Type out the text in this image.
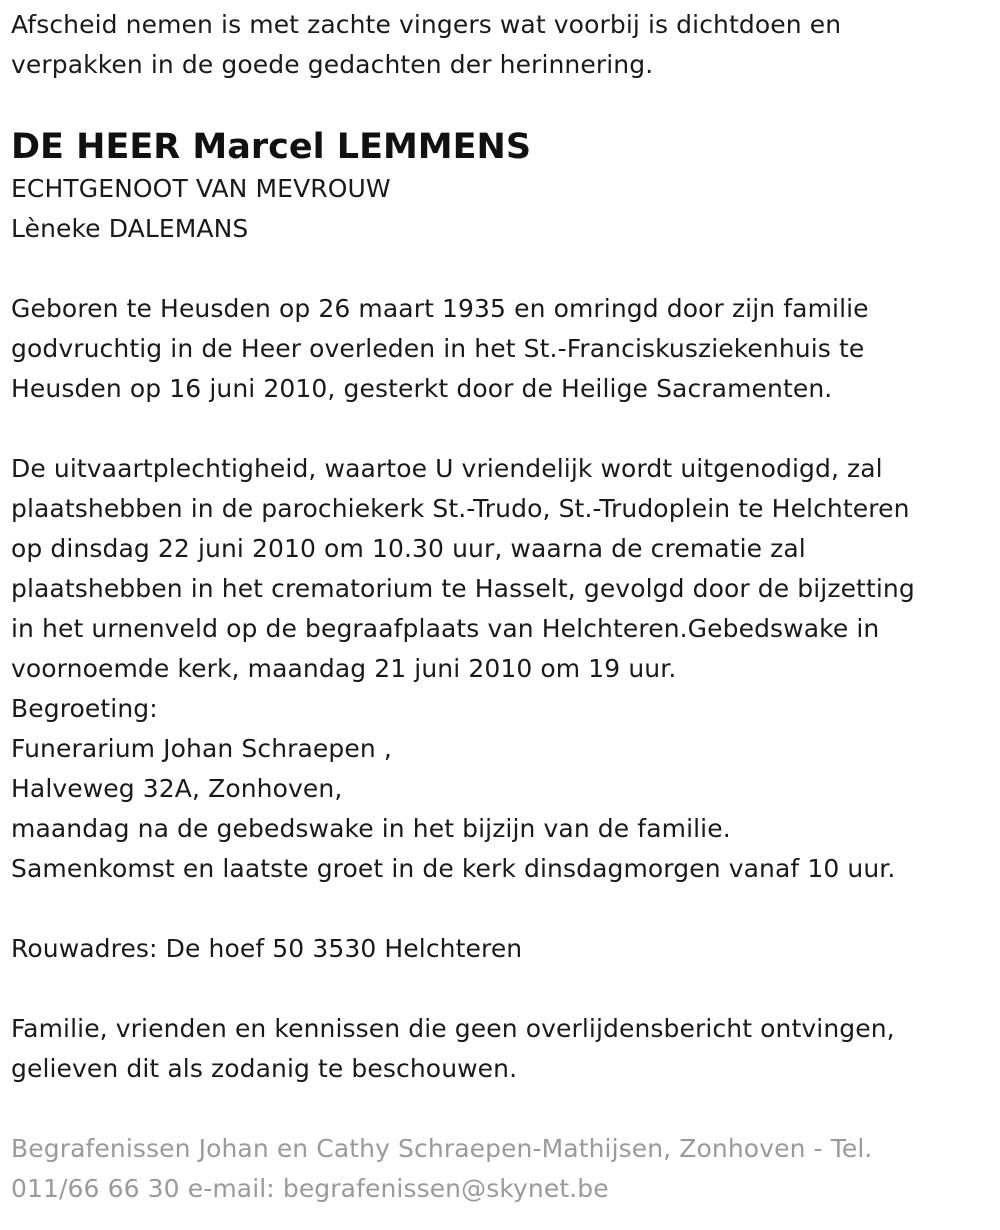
Afscheid nemen is met zachte vingers wat voorbij is dichtdoen en
verpakken in de goede gedachten der herinnering.
DE HEER Marcel LEMMENS
ECHTGENOOT VAN MEVROUW
Lèneke DALEMANS
Geboren te Heusden op 26 maart 1935 en omringd door zijn familie
godvruchtig in de Heer overleden in het St.-Franciskusziekenhuis te
Heusden op 16 juni 2010, gesterkt door de Heilige Sacramenten.
De uitvaartplechtigheid, waartoe U vriendelijk wordt uitgenodigd, zal
plaatshebben in de parochiekerk St.-Trudo, St.-Trudoplein te Helchteren
op dinsdag 22 juni 2010 om 10.30 uur, waarna de crematie zal
plaatshebben in het crematorium te Hasselt, gevolgd door de bijzetting
in het urnenveld op de begraafplaats van Helchteren.Gebedswake in
voornoemde kerk, maandag 21 juni 2010 om 19 uur.
Begroeting:
Funerarium Johan Schraepen ,
Halveweg 32A, Zonhoven,
maandag na de gebedswake in het bijzijn van de familie.
Samenkomst en laatste groet in de kerk dinsdagmorgen vanaf 10 uur.
Rouwadres: De hoef 50 3530 Helchteren
Familie, vrienden en kennissen die geen overlijdensbericht ontvingen,
gelieven dit als zodanig te beschouwen.
Begrafenissen Johan en Cathy Schraepen-Mathijsen, Zonhoven - Tel.
011/66 66 30 e-mail: begrafenissen@skynet.be
